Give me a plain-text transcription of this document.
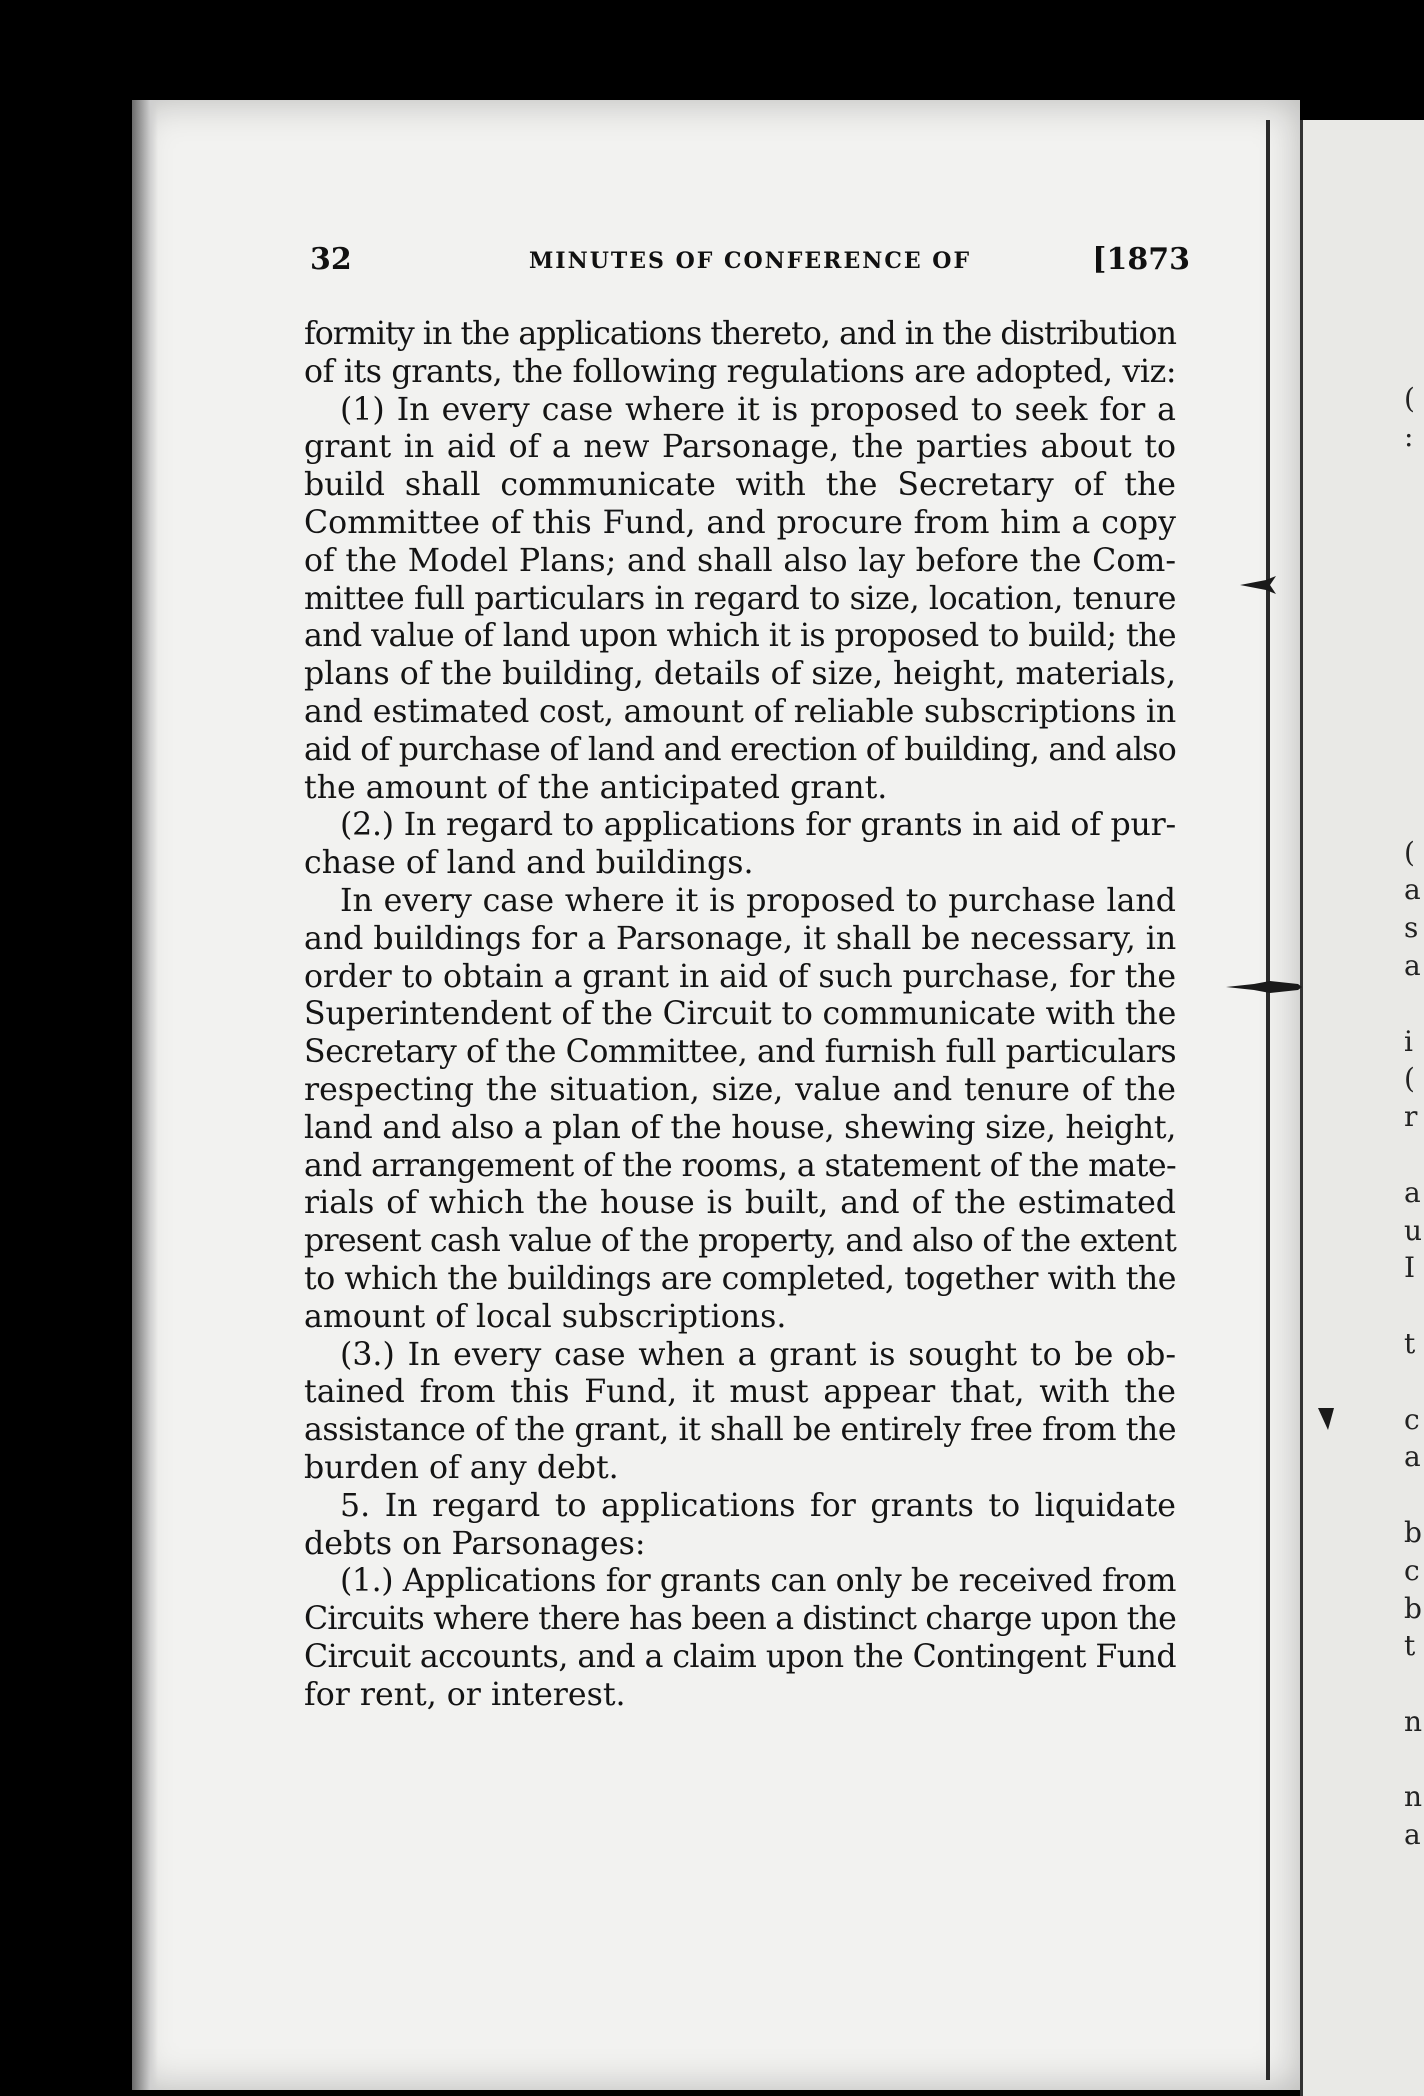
32	MINUTES OF CONFERENCE OF	[1873
formity in the applications thereto, and in the distribution
of its grants, the following regulations are adopted, viz:
(1) In every case where it is proposed to seek for a
grant in aid of a new Parsonage, the parties about to
build shall communicate with the Secretary of the
Committee of this Fund, and procure from him a copy
of the Model Plans; and shall also lay before the Com-
mittee full particulars in regard to size, location, tenure
and value of land upon which it is proposed to build; the
plans of the building, details of size, height, materials,
and estimated cost, amount of reliable subscriptions in
aid of purchase of land and erection of building, and also
the amount of the anticipated grant.
(2.) In regard to applications for grants in aid of pur-
chase of land and buildings.
In every case where it is proposed to purchase land
and buildings for a Parsonage, it shall be necessary, in
order to obtain a grant in aid of such purchase, for the
Superintendent of the Circuit to communicate with the
Secretary of the Committee, and furnish full particulars
respecting the situation, size, value and tenure of the
land and also a plan of the house, shewing size, height,
and arrangement of the rooms, a statement of the mate-
rials of which the house is built, and of the estimated
present cash value of the property, and also of the extent
to which the buildings are completed, together with the
amount of local subscriptions.
(3.) In every case when a grant is sought to be ob-
tained from this Fund, it must appear that, with the
assistance of the grant, it shall be entirely free from the
burden of any debt.
5. In regard to applications for grants to liquidate
debts on Parsonages:
(1.) Applications for grants can only be received from
Circuits where there has been a distinct charge upon the
Circuit accounts, and a claim upon the Contingent Fund
for rent, or interest.
(
:
(
a
s
a
i
(
r
a
u
I
t
c
a
b
c
b
t
n
n
a
